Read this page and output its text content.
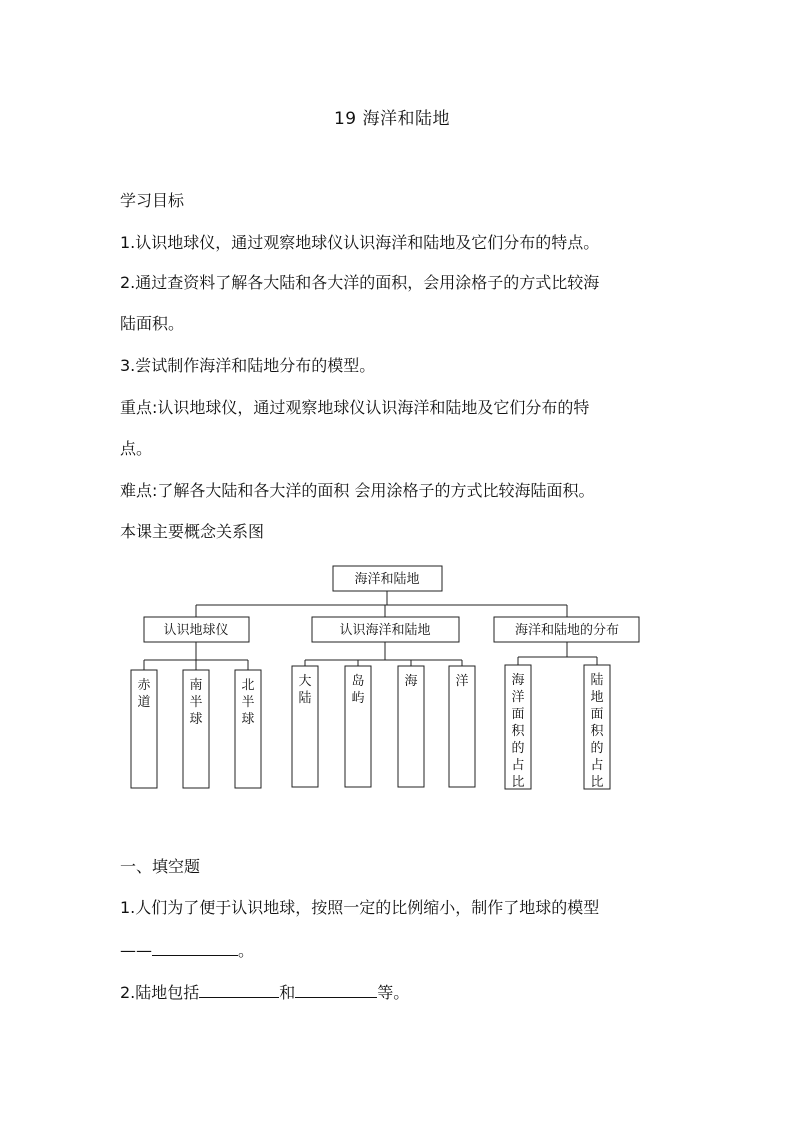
19 海洋和陆地
学习目标
1.认识地球仪，通过观察地球仪认识海洋和陆地及它们分布的特点。
2.通过查资料了解各大陆和各大洋的面积，会用涂格子的方式比较海
陆面积。
3.尝试制作海洋和陆地分布的模型。
重点:认识地球仪，通过观察地球仪认识海洋和陆地及它们分布的特
点。
难点:了解各大陆和各大洋的面积 会用涂格子的方式比较海陆面积。
本课主要概念关系图
海洋和陆地
认识地球仪	认识海洋和陆地	海洋和陆地的分布
赤道
南半球
北半球
大陆
岛屿
海	洋	海洋面积的占比
陆地面积的占比
一、填空题
1.人们为了便于认识地球，按照一定的比例缩小，制作了地球的模型
——	。
2.陆地包括	和	等。
